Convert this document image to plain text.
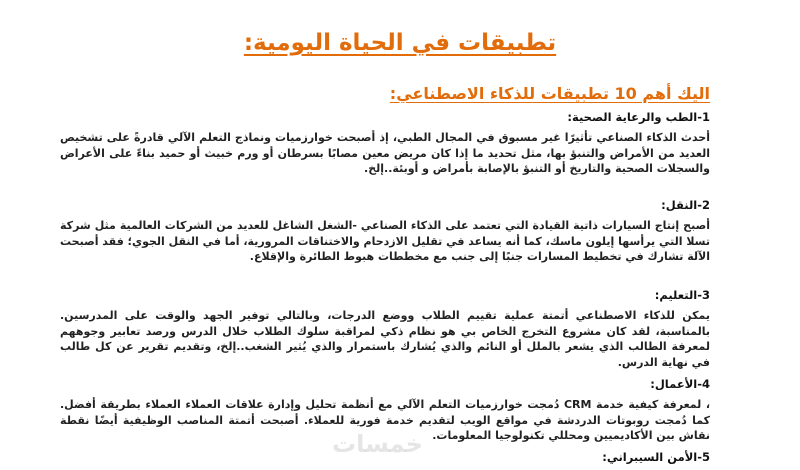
تطبيقات في الحياة اليومية:
اليك أهم 10 تطبيقات للذكاء الاصطناعي:

1-الطب والرعاية الصحية:

أحدث الذكاء الصناعي تأثيرًا غير مسبوق في المجال الطبي، إذ أصبحت خوارزميات ونماذج التعلم الآلي قادرةً على تشخيص العديد من الأمراض والتنبؤ بها، مثل تحديد ما إذا كان مريض معين مصابًا بسرطان أو ورم خبيث أو حميد بناءً على الأعراض والسجلات الصحية والتاريخ أو التنبؤ بالإصابة بأمراض و أوبئة..إلخ.

2-النقل:

أصبح إنتاج السيارات ذاتية القيادة التي تعتمد على الذكاء الصناعي -الشغل الشاغل للعديد من الشركات العالمية مثل شركة تسلا التي يرأسها إيلون ماسك، كما أنه يساعد في تقليل الازدحام والاختناقات المرورية، أما في النقل الجوي؛ فقد أصبحت الآلة تشارك في تخطيط المسارات جنبًا إلى جنب مع مخططات هبوط الطائرة والإقلاع.

3-التعليم:

يمكن للذكاء الاصطناعي أتمتة عملية تقييم الطلاب ووضع الدرجات، وبالتالي توفير الجهد والوقت على المدرسين. بالمناسبة، لقد كان مشروع التخرج الخاص بي هو نظام ذكي لمراقبة سلوك الطلاب خلال الدرس ورصد تعابير وجوههم لمعرفة الطالب الذي يشعر بالملل أو النائم والذي يُشارك باستمرار والذي يُثير الشغب..إلخ، وتقديم تقرير عن كل طالب في نهاية الدرس.

4-الأعمال:

، لمعرفة كيفية خدمة CRM دُمجت خوارزميات التعلم الآلي مع أنظمة تحليل وإدارة علاقات العملاء العملاء بطريقة أفضل. كما دُمجت روبوتات الدردشة في مواقع الويب لتقديم خدمة فورية للعملاء. أصبحت أتمتة المناصب الوظيفية أيضًا نقطة نقاش بين الأكاديميين ومحللي تكنولوجيا المعلومات.

5-الأمن السيبراني:

خمسات
